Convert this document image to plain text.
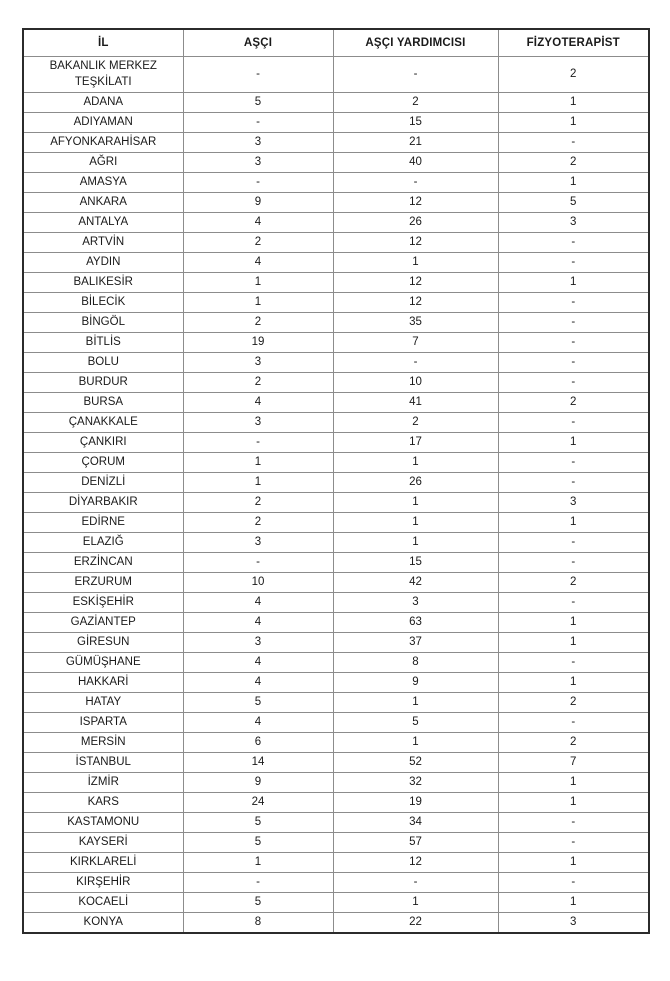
İL	AŞÇI	AŞÇI YARDIMCISI	FİZYOTERAPİST
BAKANLIK MERKEZ TEŞKİLATI	-	-	2
ADANA	5	2	1
ADIYAMAN	-	15	1
AFYONKARAHİSAR	3	21	-
AĞRI	3	40	2
AMASYA	-	-	1
ANKARA	9	12	5
ANTALYA	4	26	3
ARTVİN	2	12	-
AYDIN	4	1	-
BALIKESİR	1	12	1
BİLECİK	1	12	-
BİNGÖL	2	35	-
BİTLİS	19	7	-
BOLU	3	-	-
BURDUR	2	10	-
BURSA	4	41	2
ÇANAKKALE	3	2	-
ÇANKIRI	-	17	1
ÇORUM	1	1	-
DENİZLİ	1	26	-
DİYARBAKIR	2	1	3
EDİRNE	2	1	1
ELAZIĞ	3	1	-
ERZİNCAN	-	15	-
ERZURUM	10	42	2
ESKİŞEHİR	4	3	-
GAZİANTEP	4	63	1
GİRESUN	3	37	1
GÜMÜŞHANE	4	8	-
HAKKARİ	4	9	1
HATAY	5	1	2
ISPARTA	4	5	-
MERSİN	6	1	2
İSTANBUL	14	52	7
İZMİR	9	32	1
KARS	24	19	1
KASTAMONU	5	34	-
KAYSERİ	5	57	-
KIRKLARELİ	1	12	1
KIRŞEHİR	-	-	-
KOCAELİ	5	1	1
KONYA	8	22	3
